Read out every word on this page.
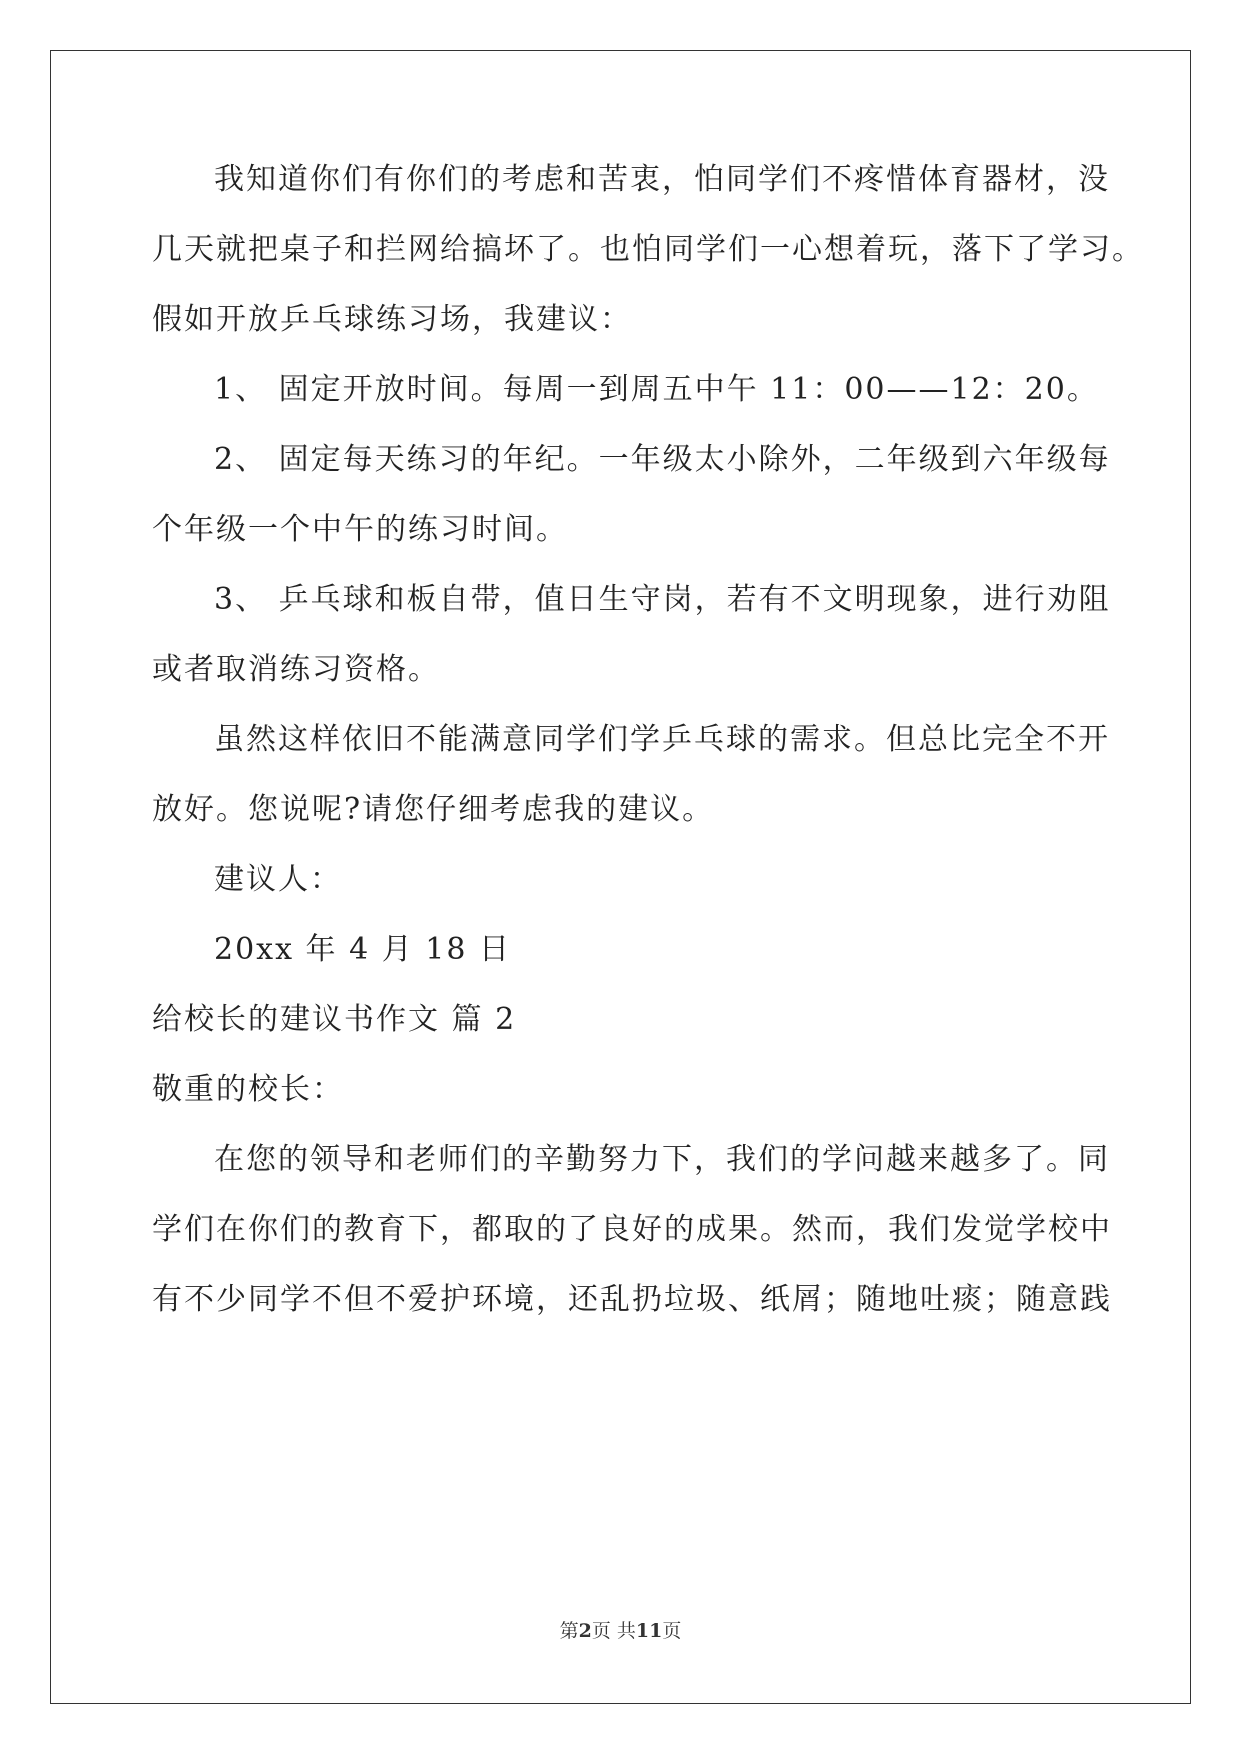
我知道你们有你们的考虑和苦衷，怕同学们不疼惜体育器材，没
几天就把桌子和拦网给搞坏了。也怕同学们一心想着玩，落下了学习。
假如开放乒乓球练习场，我建议：
1、 固定开放时间。每周一到周五中午 11：00——12：20。
2、 固定每天练习的年纪。一年级太小除外，二年级到六年级每
个年级一个中午的练习时间。
3、 乒乓球和板自带，值日生守岗，若有不文明现象，进行劝阻
或者取消练习资格。
虽然这样依旧不能满意同学们学乒乓球的需求。但总比完全不开
放好。您说呢?请您仔细考虑我的建议。
建议人：
20xx 年 4 月 18 日
给校长的建议书作文 篇 2
敬重的校长：
在您的领导和老师们的辛勤努力下，我们的学问越来越多了。同
学们在你们的教育下，都取的了良好的成果。然而，我们发觉学校中
有不少同学不但不爱护环境，还乱扔垃圾、纸屑；随地吐痰；随意践
第2页 共11页
